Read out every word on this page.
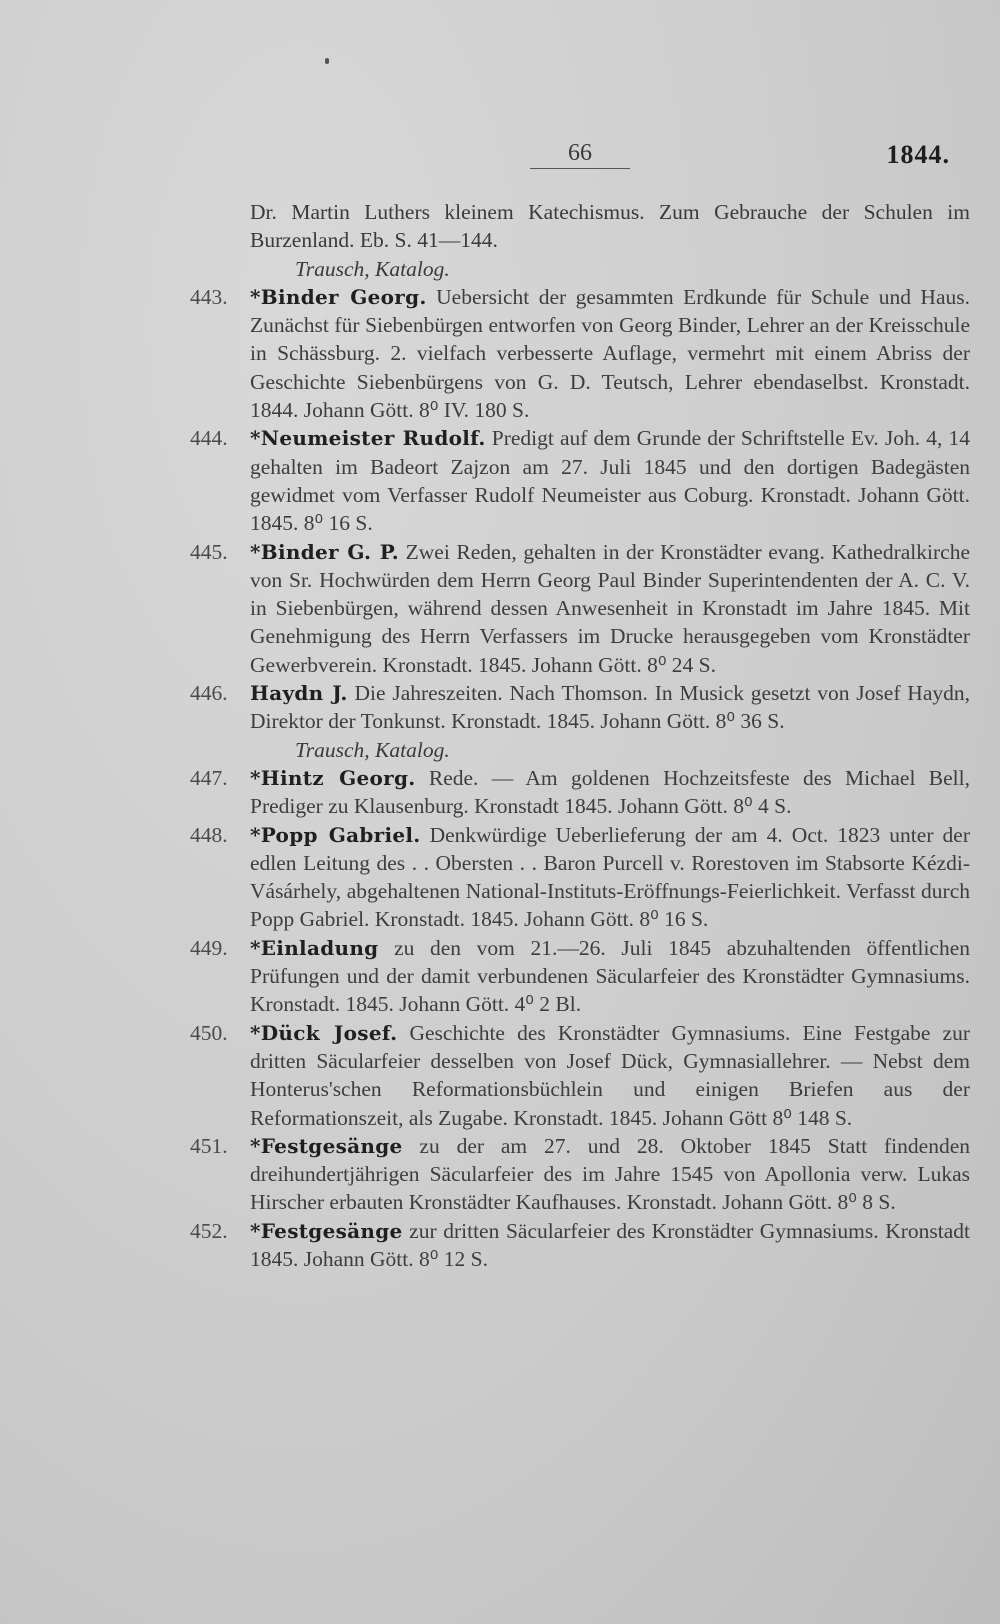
66	1844.
Dr. Martin Luthers kleinem Katechismus. Zum Gebrauche der Schulen im Burzenland. Eb. S. 41—144.
Trausch, Katalog.
443.	*Binder Georg. Uebersicht der gesammten Erdkunde für Schule und Haus. Zunächst für Siebenbürgen entworfen von Georg Binder, Lehrer an der Kreisschule in Schässburg. 2. vielfach verbesserte Auflage, vermehrt mit einem Abriss der Geschichte Siebenbürgens von G. D. Teutsch, Lehrer ebendaselbst. Kronstadt. 1844. Johann Gött. 8⁰ IV. 180 S.
444.	*Neumeister Rudolf. Predigt auf dem Grunde der Schriftstelle Ev. Joh. 4, 14 gehalten im Badeort Zajzon am 27. Juli 1845 und den dortigen Badegästen gewidmet vom Verfasser Rudolf Neumeister aus Coburg. Kronstadt. Johann Gött. 1845. 8⁰ 16 S.
445.	*Binder G. P. Zwei Reden, gehalten in der Kronstädter evang. Kathedralkirche von Sr. Hochwürden dem Herrn Georg Paul Binder Superintendenten der A. C. V. in Siebenbürgen, während dessen Anwesenheit in Kronstadt im Jahre 1845. Mit Genehmigung des Herrn Verfassers im Drucke herausgegeben vom Kronstädter Gewerbverein. Kronstadt. 1845. Johann Gött. 8⁰ 24 S.
446.	Haydn J. Die Jahreszeiten. Nach Thomson. In Musick gesetzt von Josef Haydn, Direktor der Tonkunst. Kronstadt. 1845. Johann Gött. 8⁰ 36 S.
Trausch, Katalog.
447.	*Hintz Georg. Rede. — Am goldenen Hochzeitsfeste des Michael Bell, Prediger zu Klausenburg. Kronstadt 1845. Johann Gött. 8⁰ 4 S.
448.	*Popp Gabriel. Denkwürdige Ueberlieferung der am 4. Oct. 1823 unter der edlen Leitung des . . Obersten . . Baron Purcell v. Rorestoven im Stabsorte Kézdi-Vásárhely, abgehaltenen National-Instituts-Eröffnungs-Feierlichkeit. Verfasst durch Popp Gabriel. Kronstadt. 1845. Johann Gött. 8⁰ 16 S.
449.	*Einladung zu den vom 21.—26. Juli 1845 abzuhaltenden öffentlichen Prüfungen und der damit verbundenen Säcularfeier des Kronstädter Gymnasiums. Kronstadt. 1845. Johann Gött. 4⁰ 2 Bl.
450.	*Dück Josef. Geschichte des Kronstädter Gymnasiums. Eine Festgabe zur dritten Säcularfeier desselben von Josef Dück, Gymnasiallehrer. — Nebst dem Honterus'schen Reformationsbüchlein und einigen Briefen aus der Reformationszeit, als Zugabe. Kronstadt. 1845. Johann Gött 8⁰ 148 S.
451.	*Festgesänge zu der am 27. und 28. Oktober 1845 Statt findenden dreihundertjährigen Säcularfeier des im Jahre 1545 von Apollonia verw. Lukas Hirscher erbauten Kronstädter Kaufhauses. Kronstadt. Johann Gött. 8⁰ 8 S.
452.	*Festgesänge zur dritten Säcularfeier des Kronstädter Gymnasiums. Kronstadt 1845. Johann Gött. 8⁰ 12 S.
